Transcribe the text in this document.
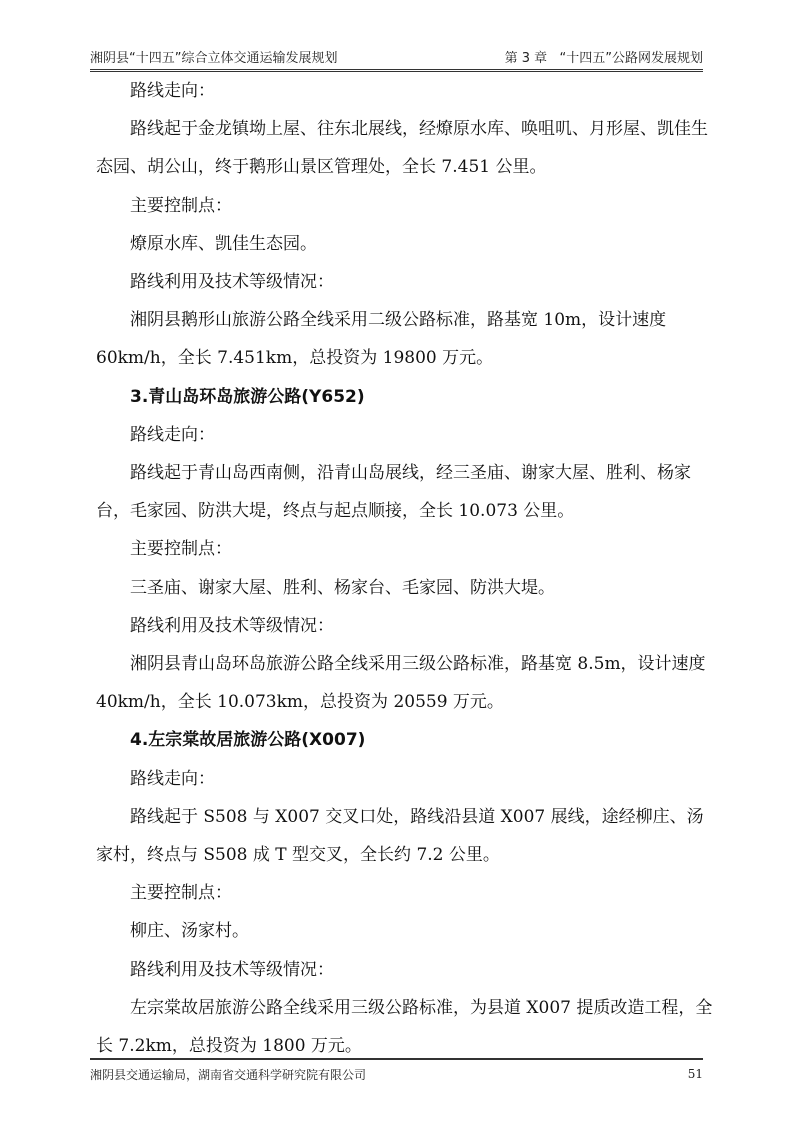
湘阴县“十四五”综合立体交通运输发展规划	第 3 章 “十四五”公路网发展规划

路线走向：

路线起于金龙镇坳上屋、往东北展线，经燎原水库、唤咀叽、月形屋、凯佳生态园、胡公山，终于鹅形山景区管理处，全长 7.451 公里。

主要控制点：

燎原水库、凯佳生态园。

路线利用及技术等级情况：

湘阴县鹅形山旅游公路全线采用二级公路标准，路基宽 10m，设计速度 60km/h，全长 7.451km，总投资为 19800 万元。

3.青山岛环岛旅游公路(Y652)

路线走向：

路线起于青山岛西南侧，沿青山岛展线，经三圣庙、谢家大屋、胜利、杨家台，毛家园、防洪大堤，终点与起点顺接，全长 10.073 公里。

主要控制点：

三圣庙、谢家大屋、胜利、杨家台、毛家园、防洪大堤。

路线利用及技术等级情况：

湘阴县青山岛环岛旅游公路全线采用三级公路标准，路基宽 8.5m，设计速度 40km/h，全长 10.073km，总投资为 20559 万元。

4.左宗棠故居旅游公路(X007)

路线走向：

路线起于 S508 与 X007 交叉口处，路线沿县道 X007 展线，途经柳庄、汤家村，终点与 S508 成 T 型交叉，全长约 7.2 公里。

主要控制点：

柳庄、汤家村。

路线利用及技术等级情况：

左宗棠故居旅游公路全线采用三级公路标准，为县道 X007 提质改造工程，全长 7.2km，总投资为 1800 万元。

湘阴县交通运输局，湖南省交通科学研究院有限公司	51
